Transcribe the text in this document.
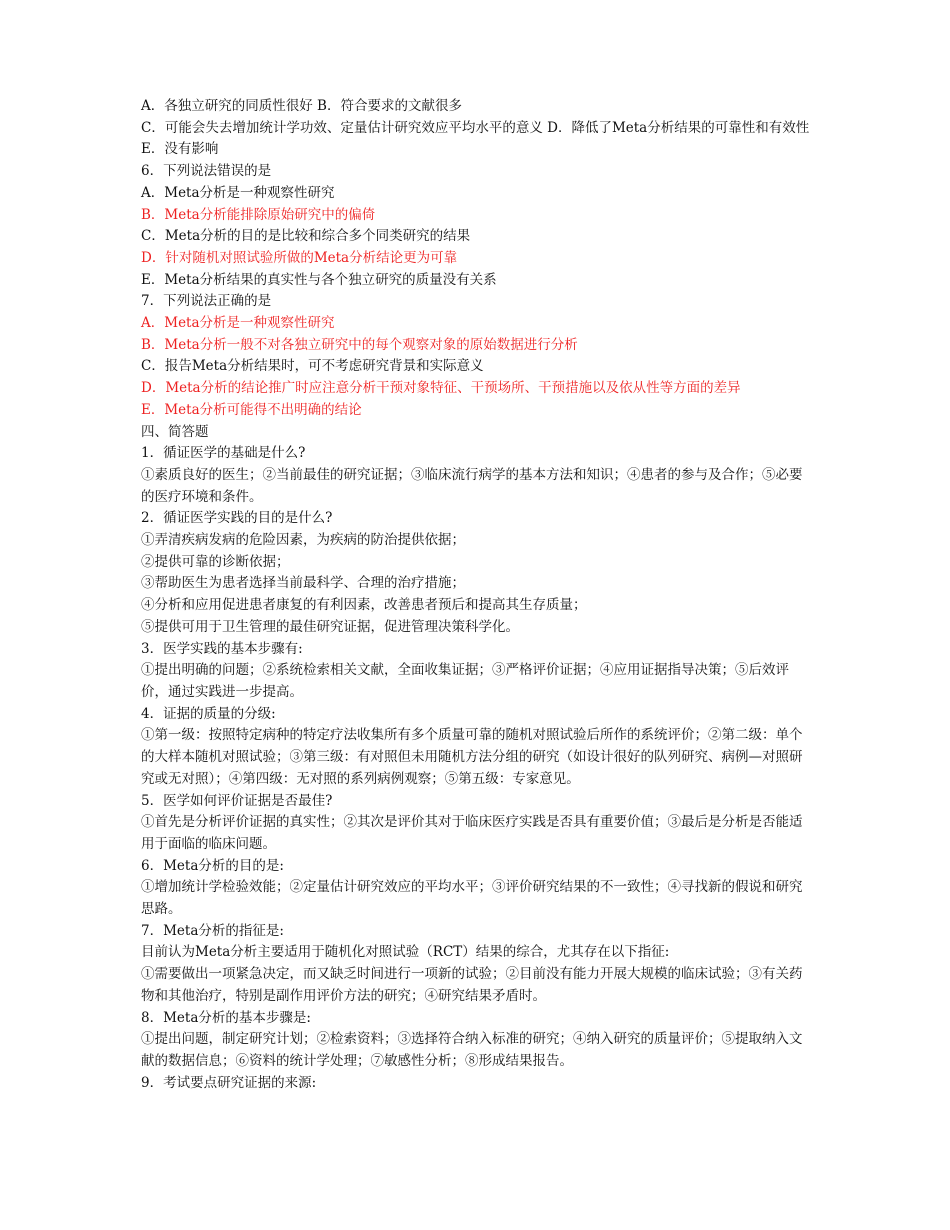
A．各独立研究的同质性很好 B．符合要求的文献很多
C．可能会失去增加统计学功效、定量估计研究效应平均水平的意义 D．降低了Meta分析结果的可靠性和有效性 E．没有影响
6．下列说法错误的是
A．Meta分析是一种观察性研究
B．Meta分析能排除原始研究中的偏倚
C．Meta分析的目的是比较和综合多个同类研究的结果
D．针对随机对照试验所做的Meta分析结论更为可靠
E．Meta分析结果的真实性与各个独立研究的质量没有关系
7．下列说法正确的是
A．Meta分析是一种观察性研究
B．Meta分析一般不对各独立研究中的每个观察对象的原始数据进行分析
C．报告Meta分析结果时，可不考虑研究背景和实际意义
D．Meta分析的结论推广时应注意分析干预对象特征、干预场所、干预措施以及依从性等方面的差异
E．Meta分析可能得不出明确的结论
四、简答题
1．循证医学的基础是什么?
①素质良好的医生；②当前最佳的研究证据；③临床流行病学的基本方法和知识；④患者的参与及合作；⑤必要的医疗环境和条件。
2．循证医学实践的目的是什么?
①弄清疾病发病的危险因素，为疾病的防治提供依据；
②提供可靠的诊断依据；
③帮助医生为患者选择当前最科学、合理的治疗措施；
④分析和应用促进患者康复的有利因素，改善患者预后和提高其生存质量；
⑤提供可用于卫生管理的最佳研究证据，促进管理决策科学化。
3．医学实践的基本步骤有:
①提出明确的问题；②系统检索相关文献，全面收集证据；③严格评价证据；④应用证据指导决策；⑤后效评价，通过实践进一步提高。
4．证据的质量的分级:
①第一级：按照特定病种的特定疗法收集所有多个质量可靠的随机对照试验后所作的系统评价；②第二级：单个的大样本随机对照试验；③第三级：有对照但未用随机方法分组的研究（如设计很好的队列研究、病例—对照研究或无对照）；④第四级：无对照的系列病例观察；⑤第五级：专家意见。
5．医学如何评价证据是否最佳?
①首先是分析评价证据的真实性；②其次是评价其对于临床医疗实践是否具有重要价值；③最后是分析是否能适用于面临的临床问题。
6．Meta分析的目的是:
①增加统计学检验效能；②定量估计研究效应的平均水平；③评价研究结果的不一致性；④寻找新的假说和研究思路。
7．Meta分析的指征是:
目前认为Meta分析主要适用于随机化对照试验（RCT）结果的综合，尤其存在以下指征:
①需要做出一项紧急决定，而又缺乏时间进行一项新的试验；②目前没有能力开展大规模的临床试验；③有关药物和其他治疗，特别是副作用评价方法的研究；④研究结果矛盾时。
8．Meta分析的基本步骤是:
①提出问题，制定研究计划；②检索资料；③选择符合纳入标准的研究；④纳入研究的质量评价；⑤提取纳入文献的数据信息；⑥资料的统计学处理；⑦敏感性分析；⑧形成结果报告。
9．考试要点研究证据的来源:
